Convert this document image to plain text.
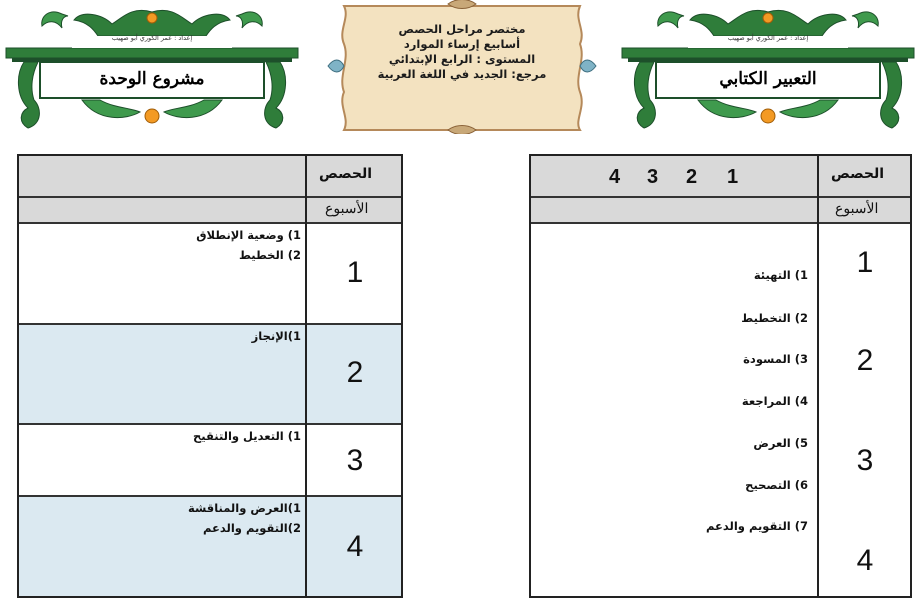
إعداد : عمر الكوري أبو صهيب
مشروع الوحدة
إعداد : عمر الكوري أبو صهيب
التعبير الكتابي
مختصر مراحل الحصص
أسابيع إرساء الموارد
المستوى : الرابع الإبتدائي
مرجع: الجديد في اللغة العربية
الحصص
الأسبوع
1
1) وضعية الإنطلاق
2) الخطيط
2
1)الإنجاز
3
1) التعديل والتنقيح
4
1)العرض والمناقشة
2)التقويم والدعم
الحصص
الأسبوع
1
2
3
4
1
2
3
4
1) التهيئة
2) التخطيط
3) المسودة
4) المراجعة
5) العرض
6) التصحيح
7) التقويم والدعم
